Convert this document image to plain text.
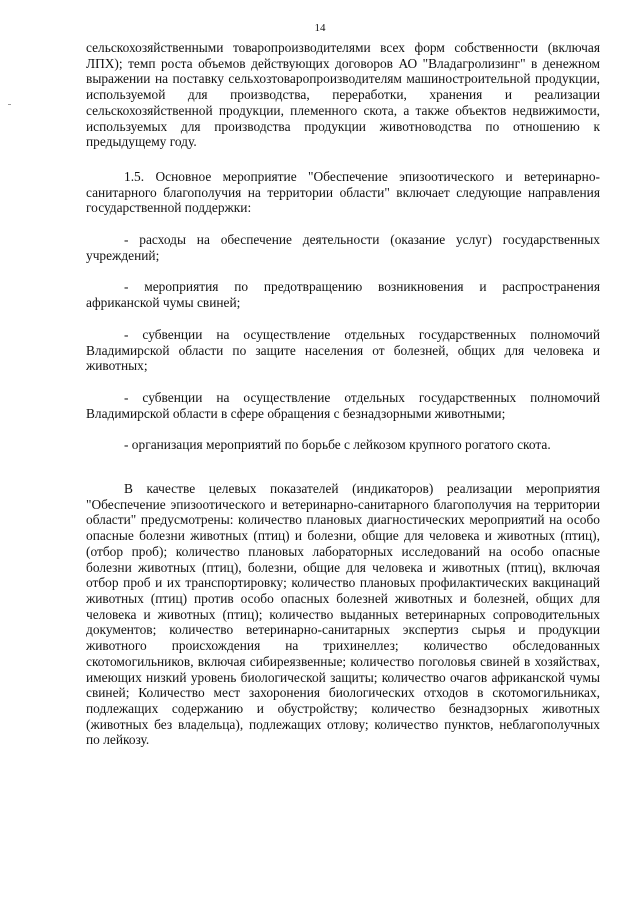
14

сельскохозяйственными товаропроизводителями всех форм собственности (включая ЛПХ); темп роста объемов действующих договоров АО "Владагролизинг" в денежном выражении на поставку сельхозтоваропроизводителям машиностроительной продукции, используемой для производства, переработки, хранения и реализации сельскохозяйственной продукции, племенного скота, а также объектов недвижимости, используемых для производства продукции животноводства по отношению к предыдущему году.

1.5. Основное мероприятие "Обеспечение эпизоотического и ветеринарно-санитарного благополучия на территории области" включает следующие направления государственной поддержки:

- расходы на обеспечение деятельности (оказание услуг) государственных учреждений;

- мероприятия по предотвращению возникновения и распространения африканской чумы свиней;

- субвенции на осуществление отдельных государственных полномочий Владимирской области по защите населения от болезней, общих для человека и животных;

- субвенции на осуществление отдельных государственных полномочий Владимирской области в сфере обращения с безнадзорными животными;

- организация мероприятий по борьбе с лейкозом крупного рогатого скота.

В качестве целевых показателей (индикаторов) реализации мероприятия "Обеспечение эпизоотического и ветеринарно-санитарного благополучия на территории области" предусмотрены: количество плановых диагностических мероприятий на особо опасные болезни животных (птиц) и болезни, общие для человека и животных (птиц), (отбор проб); количество плановых лабораторных исследований на особо опасные болезни животных (птиц), болезни, общие для человека и животных (птиц), включая отбор проб и их транспортировку; количество плановых профилактических вакцинаций животных (птиц) против особо опасных болезней животных и болезней, общих для человека и животных (птиц); количество выданных ветеринарных сопроводительных документов; количество ветеринарно-санитарных экспертиз сырья и продукции животного происхождения на трихинеллез; количество обследованных скотомогильников, включая сибиреязвенные; количество поголовья свиней в хозяйствах, имеющих низкий уровень биологической защиты; количество очагов африканской чумы свиней; Количество мест захоронения биологических отходов в скотомогильниках, подлежащих содержанию и обустройству; количество безнадзорных животных (животных без владельца), подлежащих отлову; количество пунктов, неблагополучных по лейкозу.
